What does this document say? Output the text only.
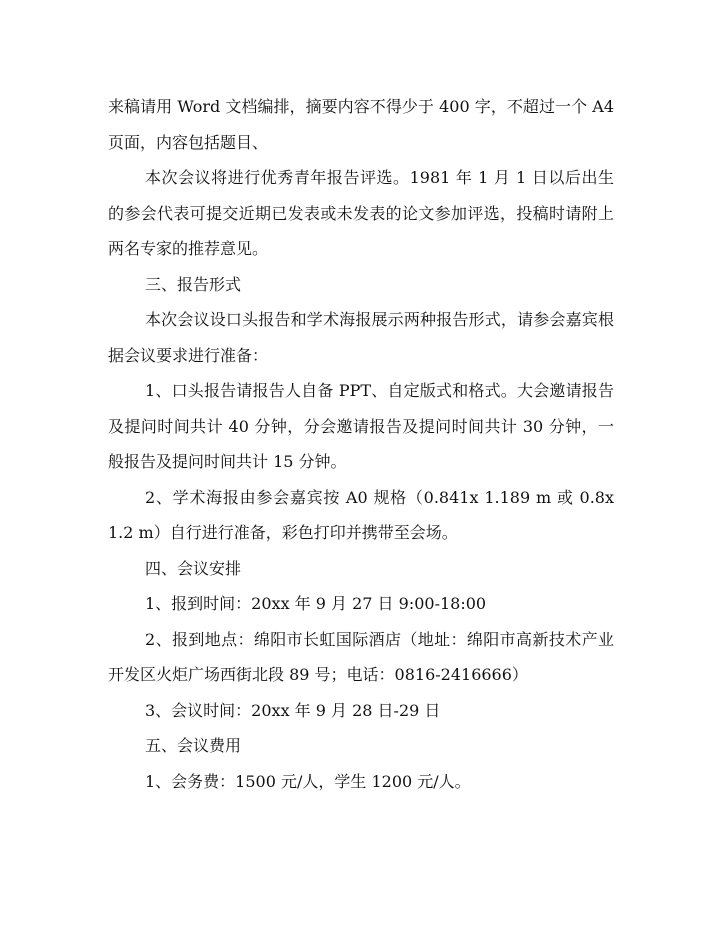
来稿请用 Word 文档编排，摘要内容不得少于 400 字，不超过一个 A4 页面，内容包括题目、

本次会议将进行优秀青年报告评选。1981 年 1 月 1 日以后出生的参会代表可提交近期已发表或未发表的论文参加评选，投稿时请附上两名专家的推荐意见。

三、报告形式

本次会议设口头报告和学术海报展示两种报告形式，请参会嘉宾根据会议要求进行准备：

1、口头报告请报告人自备 PPT、自定版式和格式。大会邀请报告及提问时间共计 40 分钟，分会邀请报告及提问时间共计 30 分钟，一般报告及提问时间共计 15 分钟。

2、学术海报由参会嘉宾按 A0 规格（0.841x 1.189 m 或 0.8x 1.2 m）自行进行准备，彩色打印并携带至会场。

四、会议安排

1、报到时间：20xx 年 9 月 27 日 9:00-18:00

2、报到地点：绵阳市长虹国际酒店（地址：绵阳市高新技术产业开发区火炬广场西街北段 89 号；电话：0816-2416666）

3、会议时间：20xx 年 9 月 28 日-29 日

五、会议费用

1、会务费：1500 元/人，学生 1200 元/人。
